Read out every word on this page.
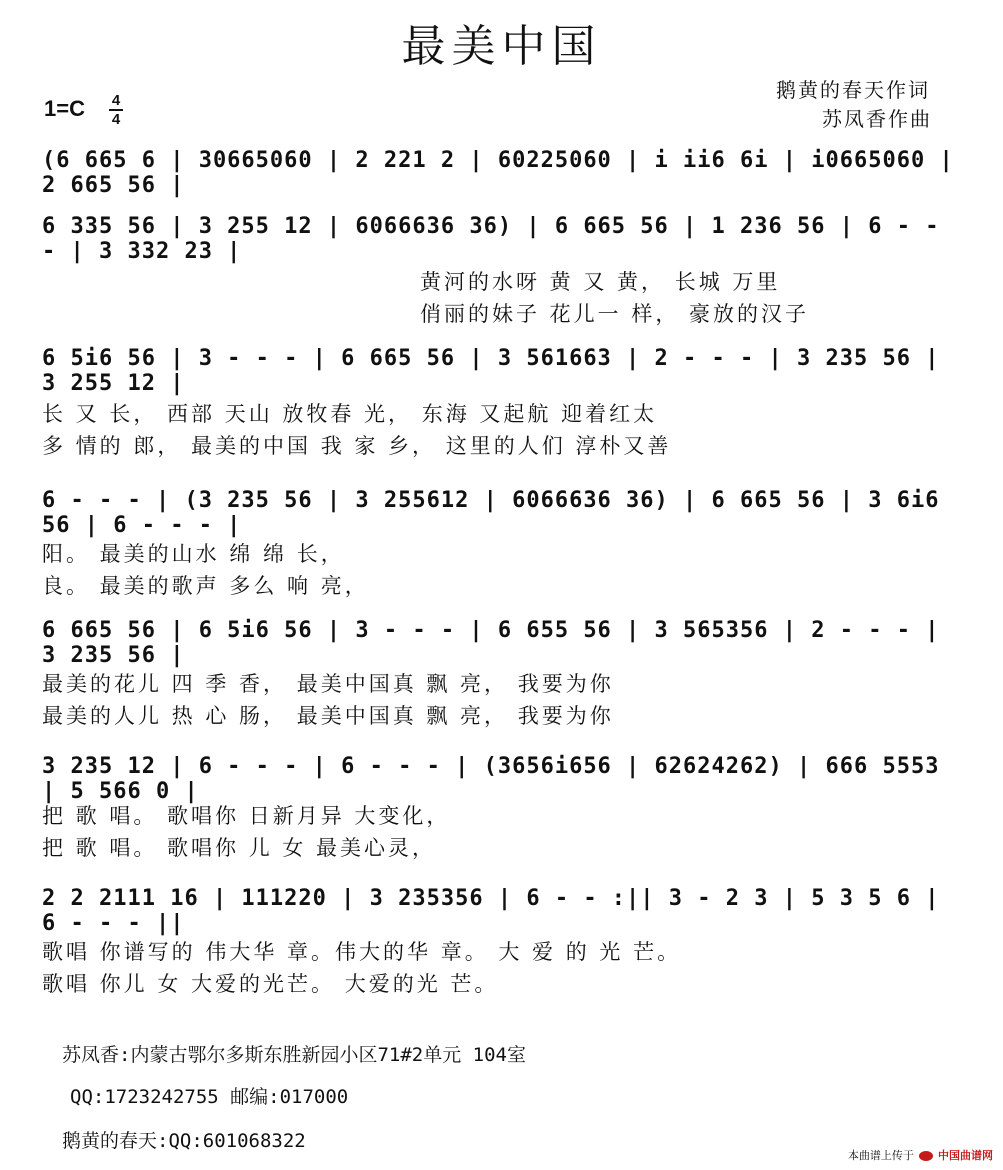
最美中国
鹅黄的春天作词
苏凤香作曲
1=C 4
4
(6 665 6 | 30665060 | 2 221 2 | 60225060 | i ii6 6i | i0665060 | 2 665 56 |
6 335 56 | 3 255 12 | 6066636 36) | 6 665 56 | 1 236 56 | 6 - - - | 3 332 23 |
黄河的水呀 黄 又 黄， 长城 万里
俏丽的妹子 花儿一 样， 豪放的汉子
6 5i6 56 | 3 - - - | 6 665 56 | 3 561663 | 2 - - - | 3 235 56 | 3 255 12 |
长 又 长， 西部 天山 放牧春 光， 东海 又起航 迎着红太
多 情的 郎， 最美的中国 我 家 乡， 这里的人们 淳朴又善
6 - - - | (3 235 56 | 3 255612 | 6066636 36) | 6 665 56 | 3 6i6 56 | 6 - - - |
阳。 最美的山水 绵 绵 长，
良。 最美的歌声 多么 响 亮，
6 665 56 | 6 5i6 56 | 3 - - - | 6 655 56 | 3 565356 | 2 - - - | 3 235 56 |
最美的花儿 四 季 香， 最美中国真 飘 亮， 我要为你
最美的人儿 热 心 肠， 最美中国真 飘 亮， 我要为你
3 235 12 | 6 - - - | 6 - - - | (3656i656 | 62624262) | 666 5553 | 5 566 0 |
把 歌 唱。 歌唱你 日新月异 大变化，
把 歌 唱。 歌唱你 儿 女 最美心灵，
2 2 2111 16 | 111220 | 3 235356 | 6 - - :|| 3 - 2 3 | 5 3 5 6 | 6 - - - ||
歌唱 你谱写的 伟大华 章。伟大的华 章。 大 爱 的 光 芒。
歌唱 你儿 女 大爱的光芒。 大爱的光 芒。
苏凤香:内蒙古鄂尔多斯东胜新园小区71#2单元 104室
QQ:1723242755 邮编:017000
鹅黄的春天:QQ:601068322
本曲谱上传于 中国曲谱网
